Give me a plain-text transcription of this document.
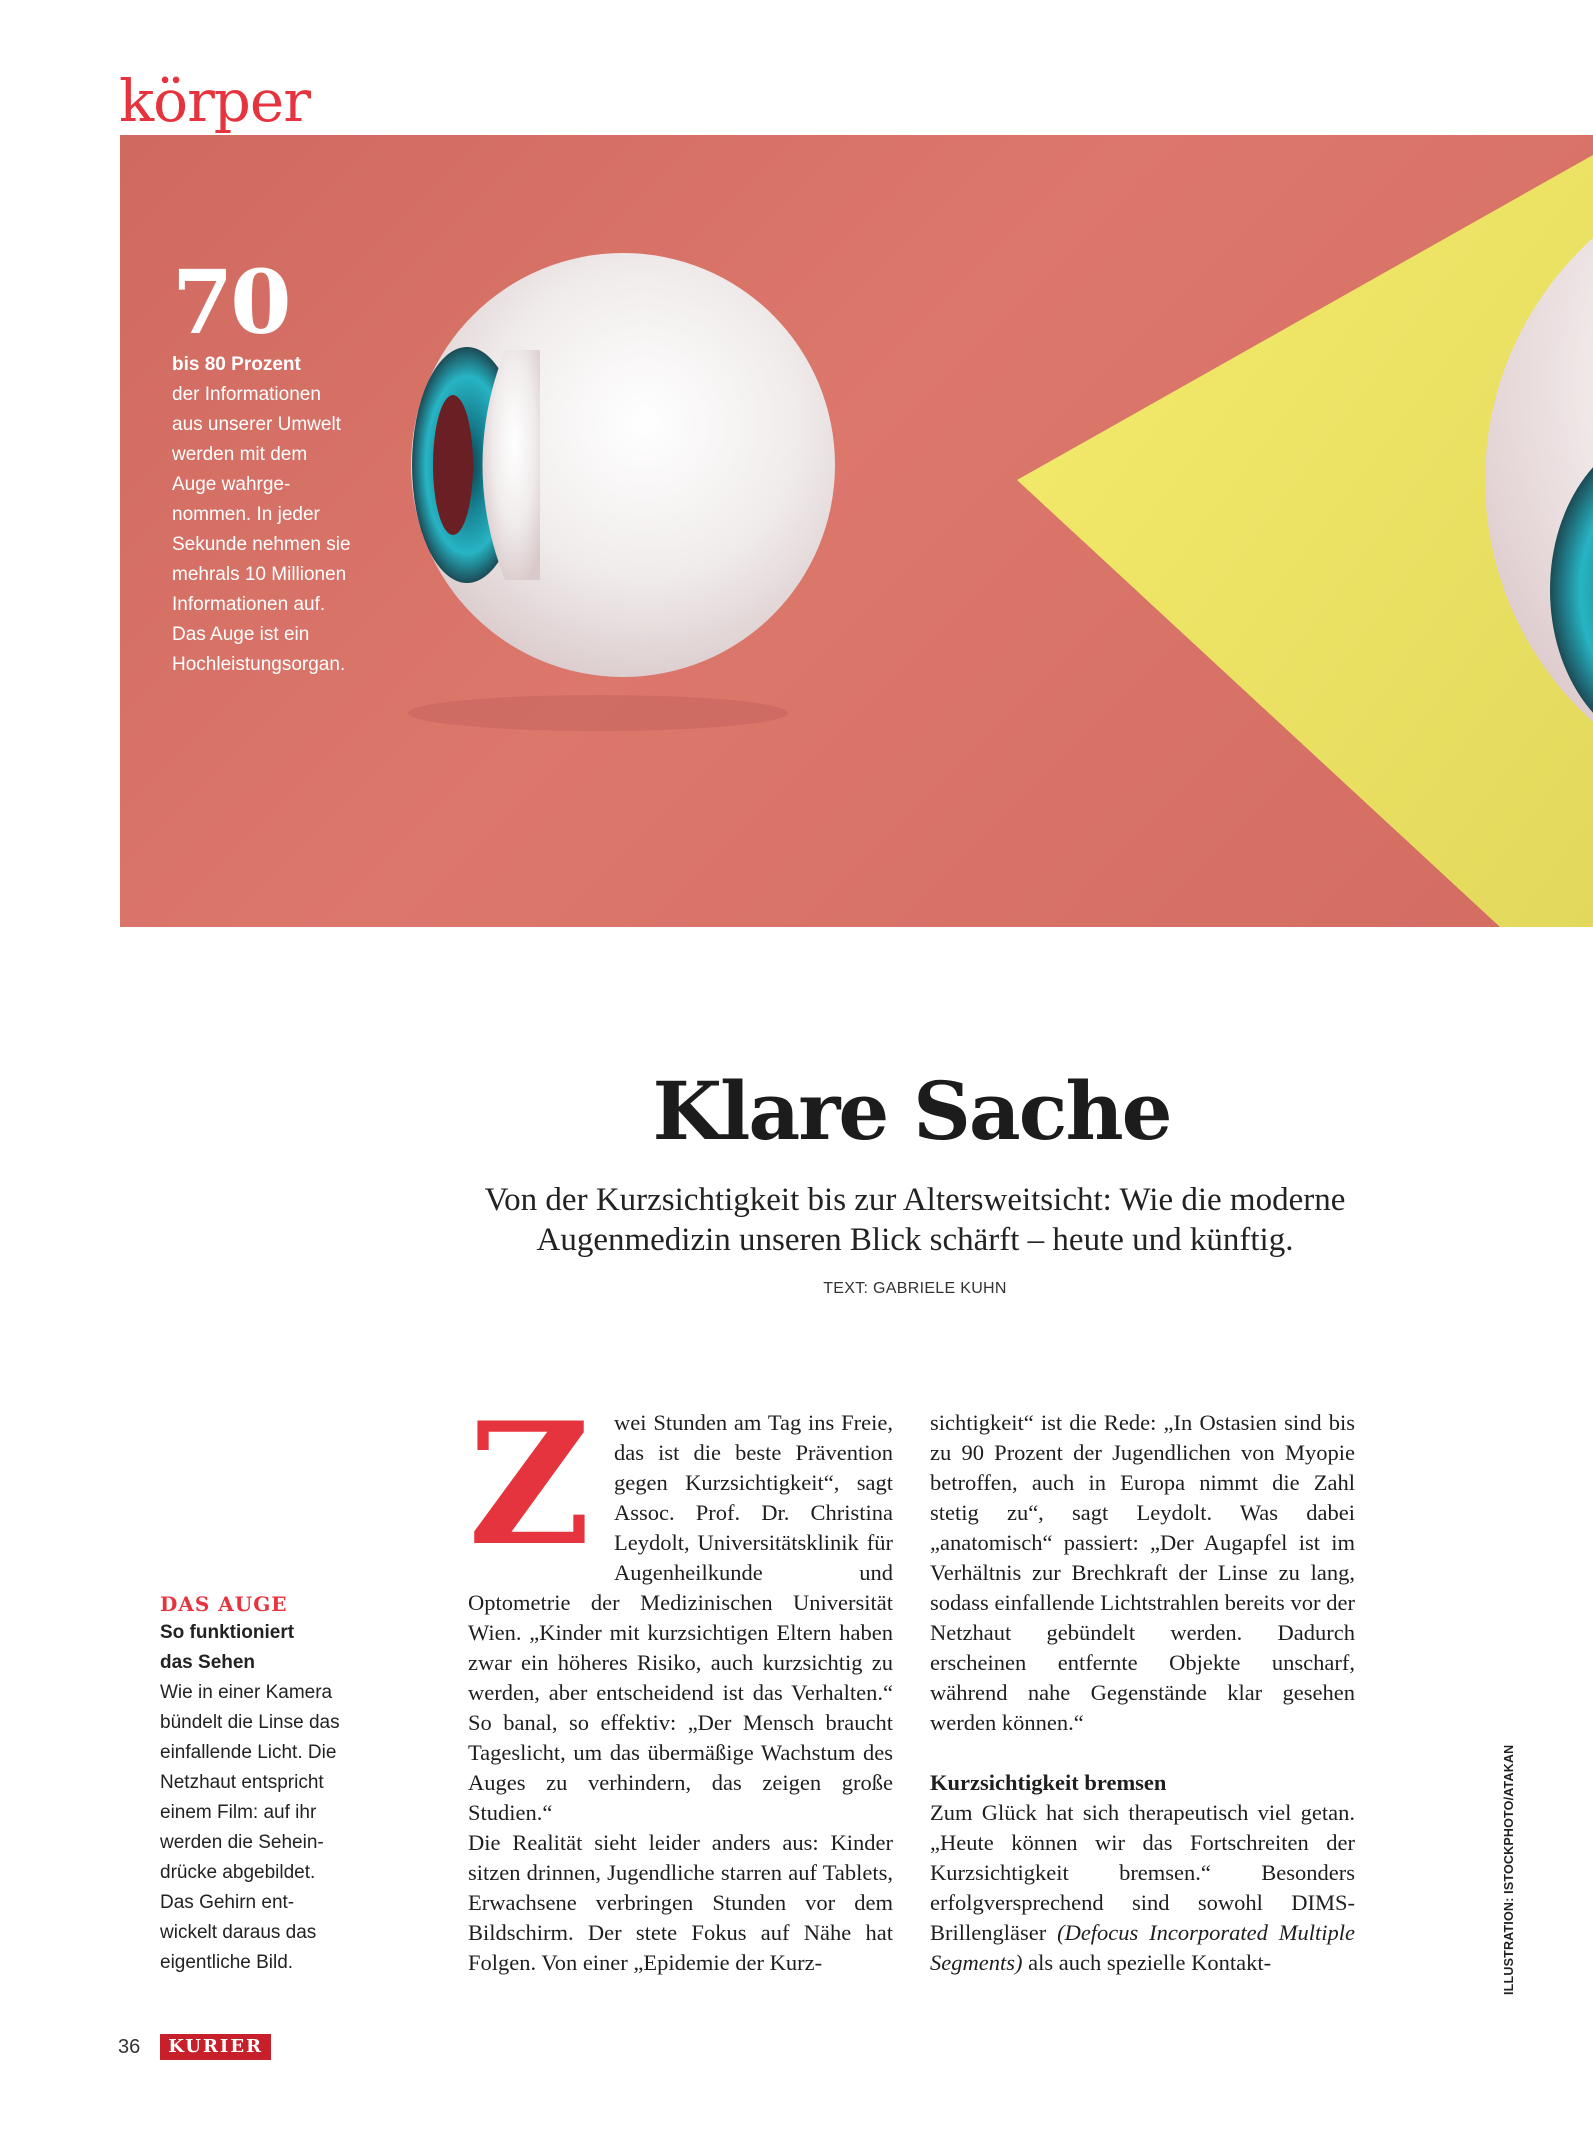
körper
70
bis 80 Prozent
der Informationen
aus unserer Umwelt
werden mit dem
Auge wahrge-
nommen. In jeder
Sekunde nehmen sie
mehrals 10 Millionen
Informationen auf.
Das Auge ist ein
Hochleistungsorgan.
Klare Sache
Von der Kurzsichtigkeit bis zur Altersweitsicht: Wie die moderne
Augenmedizin unseren Blick schärft – heute und künftig.
TEXT: GABRIELE KUHN
DAS AUGE
So funktioniert
das Sehen
Wie in einer Kamera bündelt die Linse das einfallende Licht. Die Netzhaut entspricht einem Film: auf ihr werden die Seheindrücke abgebildet. Das Gehirn entwickelt daraus das eigentliche Bild.
Z	wei Stunden am Tag ins Freie, das ist die beste Prävention gegen Kurzsichtigkeit“, sagt Assoc. Prof. Dr. Christina Leydolt, Universitätsklinik für Augenheilkunde und Optometrie der Medizinischen Universität Wien. „Kinder mit kurzsichtigen Eltern haben zwar ein höheres Risiko, auch kurzsichtig zu werden, aber entscheidend ist das Verhalten.“ So banal, so effektiv: „Der Mensch braucht Tageslicht, um das übermäßige Wachstum des Auges zu verhindern, das zeigen große Studien.“

Die Realität sieht leider anders aus: Kinder sitzen drinnen, Jugendliche starren auf Tablets, Erwachsene verbringen Stunden vor dem Bildschirm. Der stete Fokus auf Nähe hat Folgen. Von einer „Epidemie der Kurz-

sichtigkeit“ ist die Rede: „In Ostasien sind bis zu 90 Prozent der Jugendlichen von Myopie betroffen, auch in Europa nimmt die Zahl stetig zu“, sagt Leydolt. Was dabei „anatomisch“ passiert: „Der Augapfel ist im Verhältnis zur Brechkraft der Linse zu lang, sodass einfallende Lichtstrahlen bereits vor der Netzhaut gebündelt werden. Dadurch erscheinen entfernte Objekte unscharf, während nahe Gegenstände klar gesehen werden können.“

Kurzsichtigkeit bremsen

Zum Glück hat sich therapeutisch viel getan. „Heute können wir das Fortschreiten der Kurzsichtigkeit bremsen.“ Besonders erfolgversprechend sind sowohl DIMS-Brillengläser (Defocus Incorporated Multiple Segments) als auch spezielle Kontakt-	ILLUSTRATION: ISTOCKPHOTO/ATAKAN
36	KURIER
